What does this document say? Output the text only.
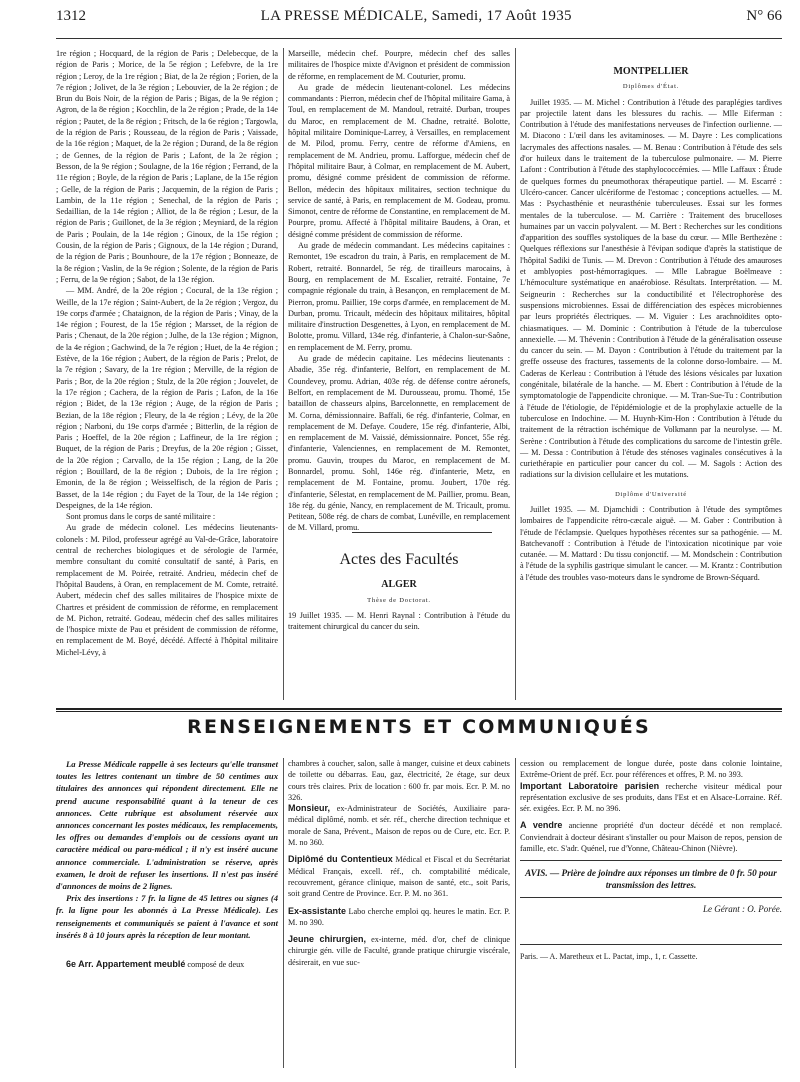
1312	LA PRESSE MÉDICALE, Samedi, 17 Août 1935	N° 66

1re région ; Hocquard, de la région de Paris ; Delebecque, de la région de Paris ; Morice, de la 5e région ; Lefebvre, de la 1re région ; Leroy, de la 1re région ; Biat, de la 2e région ; Forien, de la 7e région ; Jolivet, de la 3e région ; Lebouvier, de la 2e région ; de Brun du Bois Noir, de la région de Paris ; Bigas, de la 9e région ; Agron, de la 8e région ; Kocchlin, de la 2e région ; Prade, de la 14e région ; Pautet, de la 8e région ; Fritsch, de la 6e région ; Targowla, de la région de Paris ; Rousseau, de la région de Paris ; Vaissade, de la 16e région ; Maquet, de la 2e région ; Durand, de la 8e région ; de Gennes, de la région de Paris ; Lafont, de la 2e région ; Besson, de la 9e région ; Soulagne, de la 16e région ; Ferrand, de la 11e région ; Boyle, de la région de Paris ; Laplane, de la 15e région ; Gelle, de la région de Paris ; Jacquemin, de la région de Paris ; Lambin, de la 11e région ; Senechal, de la région de Paris ; Sedaillian, de la 14e région ; Alliot, de la 8e région ; Lesur, de la région de Paris ; Guillonet, de la 3e région ; Meyniard, de la région de Paris ; Poulain, de la 14e région ; Ginoux, de la 15e région ; Cousin, de la région de Paris ; Gignoux, de la 14e région ; Durand, de la région de Paris ; Bounhoure, de la 17e région ; Bonneaze, de la 8e région ; Vaslin, de la 9e région ; Solente, de la région de Paris ; Ferru, de la 9e région ; Sabot, de la 13e région.

— MM. André, de la 20e région ; Cocural, de la 13e région ; Weille, de la 17e région ; Saint-Aubert, de la 2e région ; Vergoz, du 19e corps d'armée ; Chataignon, de la région de Paris ; Vinay, de la 14e région ; Fourest, de la 15e région ; Marsset, de la région de Paris ; Chenaut, de la 20e région ; Julhe, de la 13e région ; Mignon, de la 4e région ; Gachwind, de la 7e région ; Huet, de la 4e région ; Estève, de la 16e région ; Aubert, de la région de Paris ; Prelot, de la 7e région ; Savary, de la 1re région ; Merville, de la région de Paris ; Bor, de la 20e région ; Stulz, de la 20e région ; Jouvelet, de la 17e région ; Cachera, de la région de Paris ; Lafon, de la 16e région ; Bidet, de la 13e région ; Auge, de la région de Paris ; Bezian, de la 18e région ; Fleury, de la 4e région ; Lévy, de la 20e région ; Narboni, du 19e corps d'armée ; Bitterlin, de la région de Paris ; Hoeffel, de la 20e région ; Laffineur, de la 1re région ; Buquet, de la région de Paris ; Dreyfus, de la 20e région ; Gisset, de la 20e région ; Carvallo, de la 15e région ; Lang, de la 20e région ; Bouillard, de la 8e région ; Dubois, de la 1re région ; Emonin, de la 8e région ; Weisselfisch, de la région de Paris ; Basset, de la 14e région ; du Fayet de la Tour, de la 14e région ; Despeignes, de la 14e région.

Sont promus dans le corps de santé militaire :

Au grade de médecin colonel. Les médecins lieutenants-colonels : M. Pilod, professeur agrégé au Val-de-Grâce, laboratoire central de recherches biologiques et de sérologie de l'armée, membre consultant du comité consultatif de santé, à Paris, en remplacement de M. Poirée, retraité. Andrieu, médecin chef de l'hôpital Baudens, à Oran, en remplacement de M. Comte, retraité. Aubert, médecin chef des salles militaires de l'hospice mixte de Chartres et président de commission de réforme, en remplacement de M. Pichon, retraité. Godeau, médecin chef des salles militaires de l'hospice mixte de Pau et président de commission de réforme, en remplacement de M. Boyé, décédé. Affecté à l'hôpital militaire Michel-Lévy, à

Marseille, médecin chef. Pourpre, médecin chef des salles militaires de l'hospice mixte d'Avignon et président de commission de réforme, en remplacement de M. Couturier, promu.

Au grade de médecin lieutenant-colonel. Les médecins commandants : Pierron, médecin chef de l'hôpital militaire Gama, à Toul, en remplacement de M. Mandoul, retraité. Durban, troupes du Maroc, en remplacement de M. Chadne, retraité. Bolotte, hôpital militaire Dominique-Larrey, à Versailles, en remplacement de M. Pilod, promu. Ferry, centre de réforme d'Amiens, en remplacement de M. Andrieu, promu. Lafforgue, médecin chef de l'hôpital militaire Baur, à Colmar, en remplacement de M. Aubert, promu, désigné comme président de commission de réforme. Bellon, médecin des hôpitaux militaires, section technique du service de santé, à Paris, en remplacement de M. Godeau, promu. Simonot, centre de réforme de Constantine, en remplacement de M. Pourpre, promu. Affecté à l'hôpital militaire Baudens, à Oran, et désigné comme président de commission de réforme.

Au grade de médecin commandant. Les médecins capitaines : Remontet, 19e escadron du train, à Paris, en remplacement de M. Robert, retraité. Bonnardel, 5e rég. de tirailleurs marocains, à Bourg, en remplacement de M. Escalier, retraité. Fontaine, 7e compagnie régionale du train, à Besançon, en remplacement de M. Pierron, promu. Paillier, 19e corps d'armée, en remplacement de M. Durban, promu. Tricault, médecin des hôpitaux militaires, hôpital militaire d'instruction Desgenettes, à Lyon, en remplacement de M. Bolotte, promu. Villard, 134e rég. d'infanterie, à Chalon-sur-Saône, en remplacement de M. Ferry, promu.

Au grade de médecin capitaine. Les médecins lieutenants : Abadie, 35e rég. d'infanterie, Belfort, en remplacement de M. Coundevey, promu. Adrian, 403e rég. de défense contre aéronefs, Belfort, en remplacement de M. Durousseau, promu. Thomé, 15e bataillon de chasseurs alpins, Barcelonnette, en remplacement de M. Corna, démissionnaire. Baffali, 6e rég. d'infanterie, Colmar, en remplacement de M. Defaye. Coudere, 15e rég. d'infanterie, Albi, en remplacement de M. Vaissié, démissionnaire. Poncet, 55e rég. d'infanterie, Valenciennes, en remplacement de M. Remontet, promu. Gauvin, troupes du Maroc, en remplacement de M. Bonnardel, promu. Sohl, 146e rég. d'infanterie, Metz, en remplacement de M. Fontaine, promu. Joubert, 170e rég. d'infanterie, Sélestat, en remplacement de M. Paillier, promu. Bean, 18e rég. du génie, Nancy, en remplacement de M. Tricault, promu. Petitean, 508e rég. de chars de combat, Lunéville, en remplacement de M. Villard, promu.

Actes des Facultés
ALGER
Thèse de Doctorat.

19 Juillet 1935. — M. Henri Raynal : Contribution à l'étude du traitement chirurgical du cancer du sein.

MONTPELLIER
Diplômes d'État.

Juillet 1935. — M. Michel : Contribution à l'étude des paraplégies tardives par projectile latent dans les blessures du rachis. — Mlle Eiferman : Contribution à l'étude des manifestations nerveuses de l'infection ourlienne. — M. Diacono : L'œil dans les avitaminoses. — M. Dayre : Les complications lacrymales des affections nasales. — M. Benau : Contribution à l'étude des sels d'or huileux dans le traitement de la tuberculose pulmonaire. — M. Pierre Lafont : Contribution à l'étude des staphylococcémies. — Mlle Laffaux : Étude de quelques formes du pneumothorax thérapeutique partiel. — M. Escarré : Ulcéro-cancer. Cancer ulcériforme de l'estomac ; conceptions actuelles. — M. Mas : Psychasthénie et neurasthénie tuberculeuses. Essai sur les formes mentales de la tuberculose. — M. Carrière : Traitement des brucelloses humaines par un vaccin polyvalent. — M. Bert : Recherches sur les conditions d'apparition des souffles systoliques de la base du cœur. — Mlle Berthezène : Quelques réflexions sur l'anesthésie à l'évipan sodique d'après la statistique de l'hôpital Sadiki de Tunis. — M. Drevon : Contribution à l'étude des amauroses et amblyopies post-hémorragiques. — Mlle Labrague Boëlmeave : L'hémoculture systématique en anaérobiose. Résultats. Interprétation. — M. Seigneurin : Recherches sur la conductibilité et l'électrophorèse des suspensions microbiennes. Essai de différenciation des espèces microbiennes par leurs propriétés électriques. — M. Viguier : Les arachnoïdites opto-chiasmatiques. — M. Dominic : Contribution à l'étude de la tuberculose annexielle. — M. Thévenin : Contribution à l'étude de la généralisation osseuse du cancer du sein. — M. Dayon : Contribution à l'étude du traitement par la greffe osseuse des fractures, tassements de la colonne dorso-lombaire. — M. Caderas de Kerleau : Contribution à l'étude des lésions vésicales par luxation congénitale, bilatérale de la hanche. — M. Ebert : Contribution à l'étude de la symptomatologie de l'appendicite chronique. — M. Tran-Sue-Tu : Contribution à l'étude de l'étiologie, de l'épidémiologie et de la prophylaxie actuelle de la tuberculose en Indochine. — M. Huynh-Kim-Hon : Contribution à l'étude du traitement de la rétraction ischémique de Volkmann par la neurolyse. — M. Serène : Contribution à l'étude des complications du sarcome de l'intestin grêle. — M. Dessa : Contribution à l'étude des sténoses vaginales consécutives à la curiethérapie en particulier pour cancer du col. — M. Sagols : Action des radiations sur la division cellulaire et les mutations.

Diplôme d'Université

Juillet 1935. — M. Djamchidi : Contribution à l'étude des symptômes lombaires de l'appendicite rétro-cæcale aiguë. — M. Gaber : Contribution à l'étude de l'éclampsie. Quelques hypothèses récentes sur sa pathogénie. — M. Batchevanoff : Contribution à l'étude de l'intoxication nicotinique par voie cutanée. — M. Mattard : Du tissu conjonctif. — M. Mondschein : Contribution à l'étude de la syphilis gastrique simulant le cancer. — M. Krantz : Contribution à l'étude des troubles vaso-moteurs dans le syndrome de Brown-Séquard.

RENSEIGNEMENTS ET COMMUNIQUÉS

La Presse Médicale rappelle à ses lecteurs qu'elle transmet toutes les lettres contenant un timbre de 50 centimes aux titulaires des annonces qui répondent directement. Elle ne prend aucune responsabilité quant à la teneur de ces annonces. Cette rubrique est absolument réservée aux annonces concernant les postes médicaux, les remplacements, les offres ou demandes d'emplois ou de cessions ayant un caractère médical ou para-médical ; il n'y est inséré aucune annonce commerciale. L'administration se réserve, après examen, le droit de refuser les insertions. Il n'est pas inséré d'annonces de moins de 2 lignes.

Prix des insertions : 7 fr. la ligne de 45 lettres ou signes (4 fr. la ligne pour les abonnés à La Presse Médicale). Les renseignements et communiqués se paient à l'avance et sont insérés 8 à 10 jours après la réception de leur montant.

6e Arr. Appartement meublé composé de deux

chambres à coucher, salon, salle à manger, cuisine et deux cabinets de toilette ou débarras. Eau, gaz, électricité, 2e étage, sur deux cours très claires. Prix de location : 600 fr. par mois. Ecr. P. M. no 326.

Monsieur, ex-Administrateur de Sociétés, Auxiliaire para-médical diplômé, nomb. et sér. réf., cherche direction technique et morale de Sana, Prévent., Maison de repos ou de Cure, etc. Ecr. P. M. no 360.
Diplômé du Contentieux Médical et Fiscal et du Secrétariat Médical Français, excell. réf., ch. comptabilité médicale, recouvrement, gérance clinique, maison de santé, etc., soit Paris, soit grand Centre de Province. Ecr. P. M. no 361.
Ex-assistante Labo cherche emploi qq. heures le matin. Ecr. P. M. no 390.
Jeune chirurgien, ex-interne, méd. d'or, chef de clinique chirurgie gén. ville de Faculté, grande pratique chirurgie viscérale, désirerait, en vue suc-

cession ou remplacement de longue durée, poste dans colonie lointaine, Extrême-Orient de préf. Ecr. pour références et offres, P. M. no 393.

Important Laboratoire parisien recherche visiteur médical pour représentation exclusive de ses produits, dans l'Est et en Alsace-Lorraine. Réf. sér. exigées. Ecr. P. M. no 396.
A vendre ancienne propriété d'un docteur décédé et non remplacé. Conviendrait à docteur désirant s'installer ou pour Maison de repos, pension de famille, etc. S'adr. Quénel, rue d'Yonne, Château-Chinon (Nièvre).
AVIS. — Prière de joindre aux réponses un timbre de 0 fr. 50 pour transmission des lettres.
Le Gérant : O. Porée.
Paris. — A. Maretheux et L. Pactat, imp., 1, r. Cassette.
